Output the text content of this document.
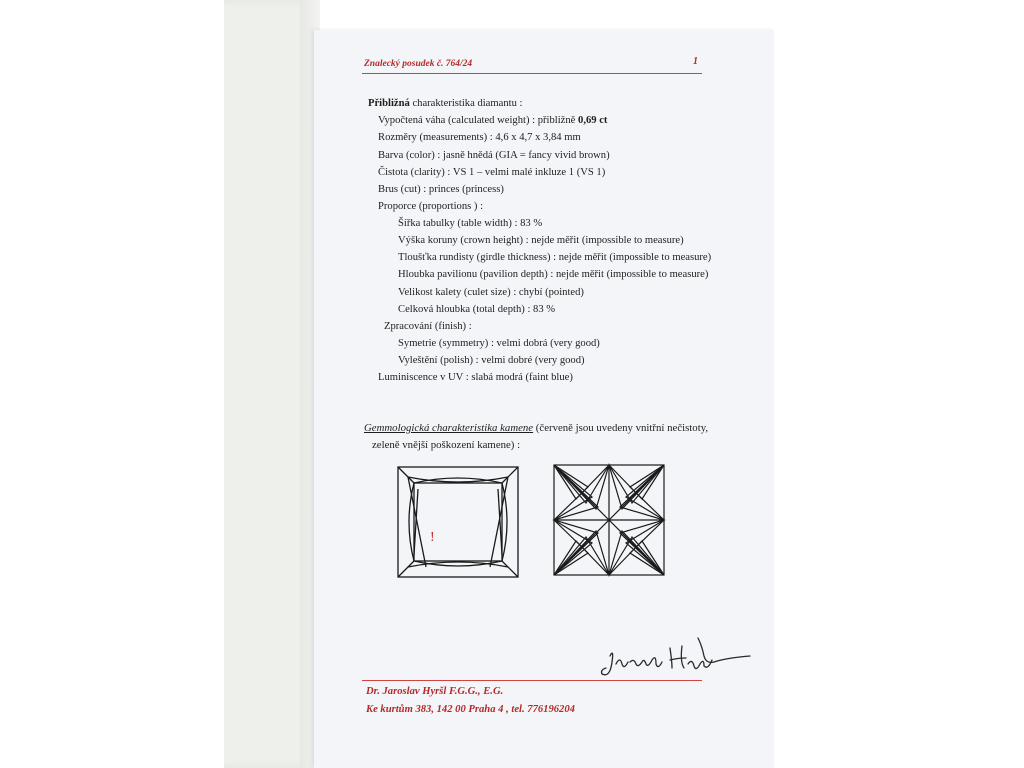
Znalecký posudek č. 764/24	1
Přibližná charakteristika diamantu :
Vypočtená váha (calculated weight) : přibližně 0,69 ct
Rozměry (measurements) : 4,6 x 4,7 x 3,84 mm
Barva (color) : jasně hnědá (GIA = fancy vivid brown)
Čistota (clarity) : VS 1 – velmi malé inkluze 1 (VS 1)
Brus (cut) : princes (princess)
Proporce (proportions ) :
Šířka tabulky (table width) : 83 %
Výška koruny (crown height) : nejde měřit (impossible to measure)
Tloušťka rundisty (girdle thickness) : nejde měřit (impossible to measure)
Hloubka pavilionu (pavilion depth) : nejde měřit (impossible to measure)
Velikost kalety (culet size) : chybí (pointed)
Celková hloubka (total depth) : 83 %
Zpracování (finish) :
Symetrie (symmetry) : velmi dobrá (very good)
Vyleštění (polish) : velmi dobré (very good)
Luminiscence v UV : slabá modrá (faint blue)
Gemmologická charakteristika kamene (červeně jsou uvedeny vnitřní nečistoty,
zeleně vnější poškození kamene) :
!
Dr. Jaroslav Hyršl F.G.G., E.G.
Ke kurtům 383, 142 00 Praha 4 , tel. 776196204
